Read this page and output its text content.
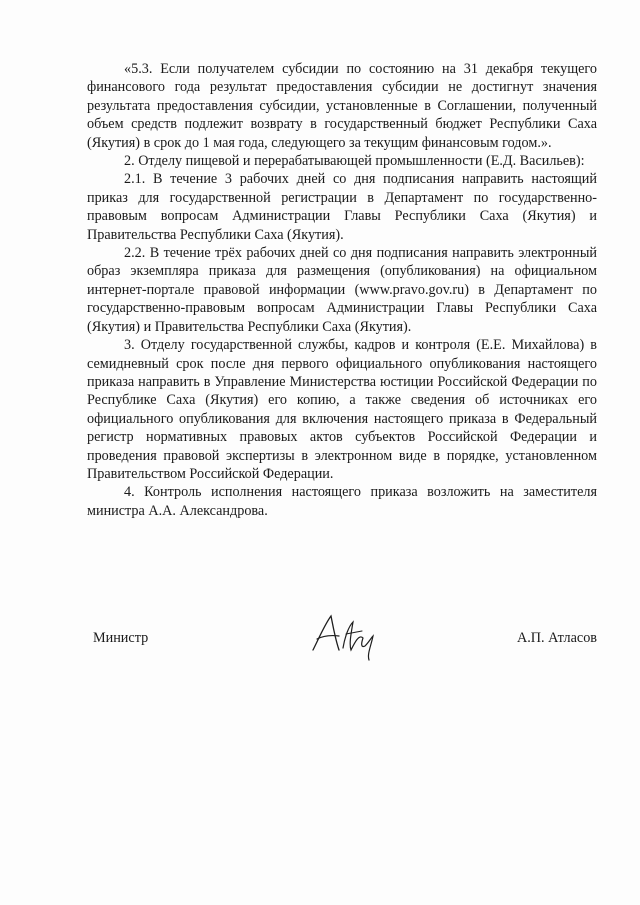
«5.3. Если получателем субсидии по состоянию на 31 декабря текущего финансового года результат предоставления субсидии не достигнут значения результата предоставления субсидии, установленные в Соглашении, полученный объем средств подлежит возврату в государственный бюджет Республики Саха (Якутия) в срок до 1 мая года, следующего за текущим финансовым годом.».

2. Отделу пищевой и перерабатывающей промышленности (Е.Д. Васильев):

2.1. В течение 3 рабочих дней со дня подписания направить настоящий приказ для государственной регистрации в Департамент по государственно-правовым вопросам Администрации Главы Республики Саха (Якутия) и Правительства Республики Саха (Якутия).

2.2. В течение трёх рабочих дней со дня подписания направить электронный образ экземпляра приказа для размещения (опубликования) на официальном интернет-портале правовой информации (www.pravo.gov.ru) в Департамент по государственно-правовым вопросам Администрации Главы Республики Саха (Якутия) и Правительства Республики Саха (Якутия).

3. Отделу государственной службы, кадров и контроля (Е.Е. Михайлова) в семидневный срок после дня первого официального опубликования настоящего приказа направить в Управление Министерства юстиции Российской Федерации по Республике Саха (Якутия) его копию, а также сведения об источниках его официального опубликования для включения настоящего приказа в Федеральный регистр нормативных правовых актов субъектов Российской Федерации и проведения правовой экспертизы в электронном виде в порядке, установленном Правительством Российской Федерации.

4. Контроль исполнения настоящего приказа возложить на заместителя министра А.А. Александрова.

Министр	А.П. Атласов
